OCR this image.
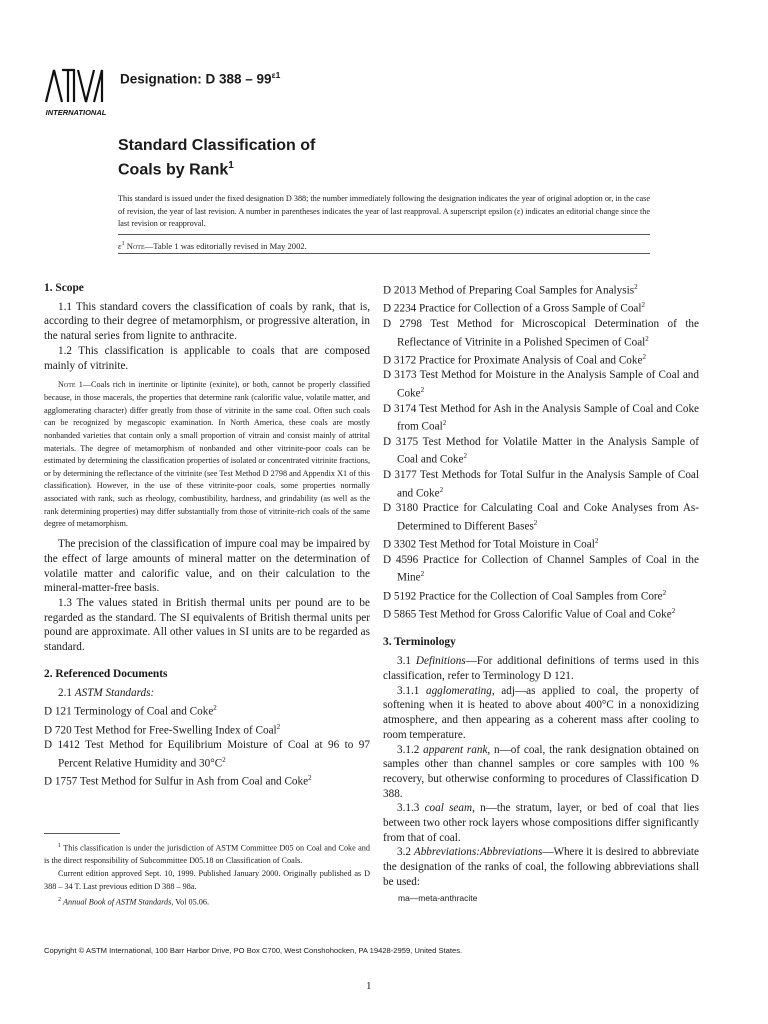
INTERNATIONAL
Designation: D $388 - 99^{\varepsilon 1}$
Standard Classification of
Coals by Rank$^1$
This standard is issued under the fixed designation D 388; the number immediately following the designation indicates the year of original adoption or, in the case of revision, the year of last revision. A number in parentheses indicates the year of last reapproval. A superscript epsilon (ε) indicates an editorial change since the last revision or reapproval.
$\varepsilon^1$ Note—Table 1 was editorially revised in May 2002.

1. Scope

1.1 This standard covers the classification of coals by rank, that is, according to their degree of metamorphism, or progressive alteration, in the natural series from lignite to anthracite.

1.2 This classification is applicable to coals that are composed mainly of vitrinite.

Note 1—Coals rich in inertinite or liptinite (exinite), or both, cannot be properly classified because, in those macerals, the properties that determine rank (calorific value, volatile matter, and agglomerating character) differ greatly from those of vitrinite in the same coal. Often such coals can be recognized by megascopic examination. In North America, these coals are mostly nonbanded varieties that contain only a small proportion of vitrain and consist mainly of attrital materials. The degree of metamorphism of nonbanded and other vitrinite-poor coals can be estimated by determining the classification properties of isolated or concentrated vitrinite fractions, or by determining the reflectance of the vitrinite (see Test Method D 2798 and Appendix X1 of this classification). However, in the use of these vitrinite-poor coals, some properties normally associated with rank, such as rheology, combustibility, hardness, and grindability (as well as the rank determining properties) may differ substantially from those of vitrinite-rich coals of the same degree of metamorphism.

The precision of the classification of impure coal may be impaired by the effect of large amounts of mineral matter on the determination of volatile matter and calorific value, and on their calculation to the mineral-matter-free basis.

1.3 The values stated in British thermal units per pound are to be regarded as the standard. The SI equivalents of British thermal units per pound are approximate. All other values in SI units are to be regarded as standard.

2. Referenced Documents

2.1 ASTM Standards:

D 121 Terminology of Coal and Coke$^2$

D 720 Test Method for Free-Swelling Index of Coal$^2$

D 1412 Test Method for Equilibrium Moisture of Coal at 96 to 97 Percent Relative Humidity and $30^\circ C^2$

D 1757 Test Method for Sulfur in Ash from Coal and Coke$^2$

D 2013 Method of Preparing Coal Samples for Analysis$^2$

D 2234 Practice for Collection of a Gross Sample of Coal$^2$

D 2798 Test Method for Microscopical Determination of the Reflectance of Vitrinite in a Polished Specimen of Coal$^2$

D 3172 Practice for Proximate Analysis of Coal and Coke$^2$

D 3173 Test Method for Moisture in the Analysis Sample of Coal and Coke$^2$

D 3174 Test Method for Ash in the Analysis Sample of Coal and Coke from Coal$^2$

D 3175 Test Method for Volatile Matter in the Analysis Sample of Coal and Coke$^2$

D 3177 Test Methods for Total Sulfur in the Analysis Sample of Coal and Coke$^2$

D 3180 Practice for Calculating Coal and Coke Analyses from As-Determined to Different Bases$^2$

D 3302 Test Method for Total Moisture in Coal$^2$

D 4596 Practice for Collection of Channel Samples of Coal in the Mine$^2$

D 5192 Practice for the Collection of Coal Samples from Core$^2$

D 5865 Test Method for Gross Calorific Value of Coal and Coke$^2$

3. Terminology

3.1 Definitions—For additional definitions of terms used in this classification, refer to Terminology D 121.

3.1.1 agglomerating, adj—as applied to coal, the property of softening when it is heated to above about 400°C in a nonoxidizing atmosphere, and then appearing as a coherent mass after cooling to room temperature.

3.1.2 apparent rank, n—of coal, the rank designation obtained on samples other than channel samples or core samples with 100 % recovery, but otherwise conforming to procedures of Classification D 388.

3.1.3 coal seam, n—the stratum, layer, or bed of coal that lies between two other rock layers whose compositions differ significantly from that of coal.

3.2 Abbreviations:Abbreviations—Where it is desired to abbreviate the designation of the ranks of coal, the following abbreviations shall be used:

ma—meta-anthracite

$^1$ This classification is under the jurisdiction of ASTM Committee D05 on Coal and Coke and is the direct responsibility of Subcommittee D05.18 on Classification of Coals.

Current edition approved Sept. 10, 1999. Published January 2000. Originally published as D 388 – 34 T. Last previous edition D 388 – 98a.

$^2$ Annual Book of ASTM Standards, Vol 05.06.

Copyright © ASTM International, 100 Barr Harbor Drive, PO Box C700, West Conshohocken, PA 19428-2959, United States.
1
